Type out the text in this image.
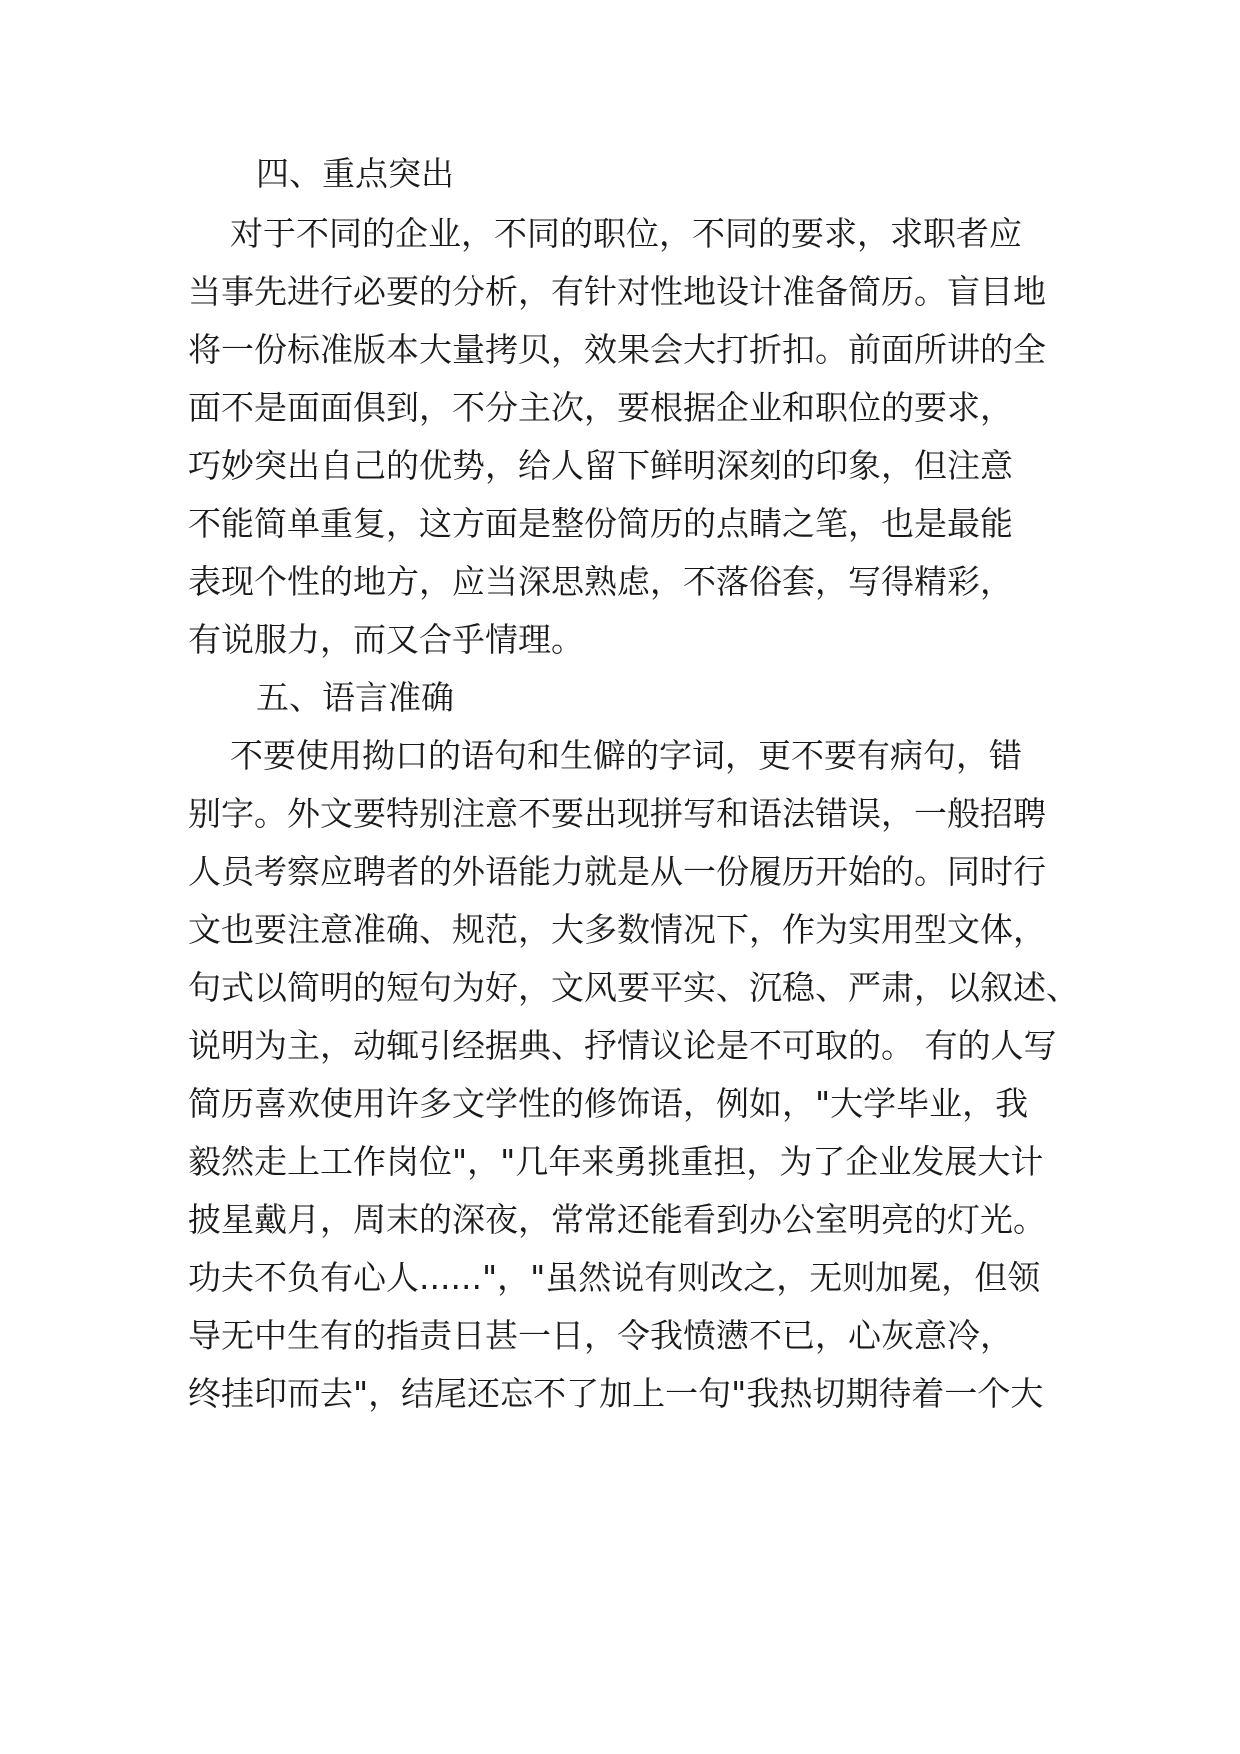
四、重点突出
对于不同的企业，不同的职位，不同的要求，求职者应
当事先进行必要的分析，有针对性地设计准备简历。盲目地
将一份标准版本大量拷贝，效果会大打折扣。前面所讲的全
面不是面面俱到，不分主次，要根据企业和职位的要求，
巧妙突出自己的优势，给人留下鲜明深刻的印象，但注意
不能简单重复，这方面是整份简历的点睛之笔，也是最能
表现个性的地方，应当深思熟虑，不落俗套，写得精彩，
有说服力，而又合乎情理。
五、语言准确
不要使用拗口的语句和生僻的字词，更不要有病句，错
别字。外文要特别注意不要出现拼写和语法错误，一般招聘
人员考察应聘者的外语能力就是从一份履历开始的。同时行
文也要注意准确、规范，大多数情况下，作为实用型文体，
句式以简明的短句为好，文风要平实、沉稳、严肃，以叙述、
说明为主，动辄引经据典、抒情议论是不可取的。 有的人写
简历喜欢使用许多文学性的修饰语，例如，"大学毕业，我
毅然走上工作岗位"，"几年来勇挑重担，为了企业发展大计
披星戴月，周末的深夜，常常还能看到办公室明亮的灯光。
功夫不负有心人......"，"虽然说有则改之，无则加冕，但领
导无中生有的指责日甚一日，令我愤懑不已，心灰意冷，
终挂印而去"，结尾还忘不了加上一句"我热切期待着一个大
